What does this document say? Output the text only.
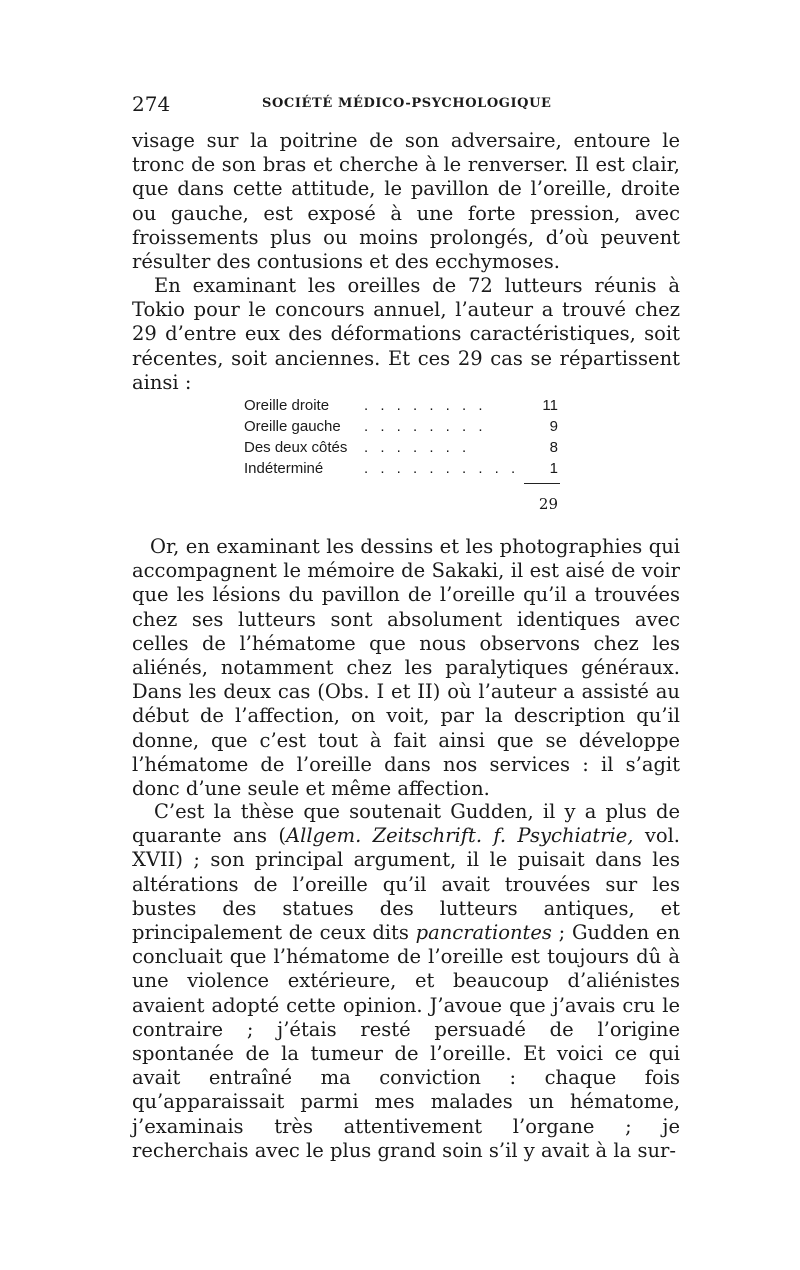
274	SOCIÉTÉ MÉDICO-PSYCHOLOGIQUE

visage sur la poitrine de son adversaire, entoure le tronc de son bras et cherche à le renverser. Il est clair, que dans cette attitude, le pavillon de l’oreille, droite ou gauche, est exposé à une forte pression, avec froissements plus ou moins prolongés, d’où peuvent résulter des contusions et des ecchymoses.

En examinant les oreilles de 72 lutteurs réunis à Tokio pour le concours annuel, l’auteur a trouvé chez 29 d’entre eux des déformations caractéristiques, soit récentes, soit anciennes. Et ces 29 cas se répartissent ainsi :

Oreille droite . . . . . . . .	11
Oreille gauche . . . . . . . .	9
Des deux côtés . . . . . . .	8
Indéterminé	. . . . . . . . . .	1
29

Or, en examinant les dessins et les photographies qui accompagnent le mémoire de Sakaki, il est aisé de voir que les lésions du pavillon de l’oreille qu’il a trouvées chez ses lutteurs sont absolument identiques avec celles de l’hématome que nous observons chez les aliénés, notamment chez les paralytiques généraux. Dans les deux cas (Obs. I et II) où l’auteur a assisté au début de l’affection, on voit, par la description qu’il donne, que c’est tout à fait ainsi que se développe l’hématome de l’oreille dans nos services : il s’agit donc d’une seule et même affection.

C’est la thèse que soutenait Gudden, il y a plus de quarante ans (Allgem. Zeitschrift. f. Psychiatrie, vol. XVII) ; son principal argument, il le puisait dans les altérations de l’oreille qu’il avait trouvées sur les bustes des statues des lutteurs antiques, et principalement de ceux dits pancrationtes ; Gudden en concluait que l’hématome de l’oreille est toujours dû à une violence extérieure, et beaucoup d’aliénistes avaient adopté cette opinion. J’avoue que j’avais cru le contraire ; j’étais resté persuadé de l’origine spontanée de la tumeur de l’oreille. Et voici ce qui avait entraîné ma conviction : chaque fois qu’apparaissait parmi mes malades un hématome, j’examinais très attentivement l’organe ; je recherchais avec le plus grand soin s’il y avait à la sur-
